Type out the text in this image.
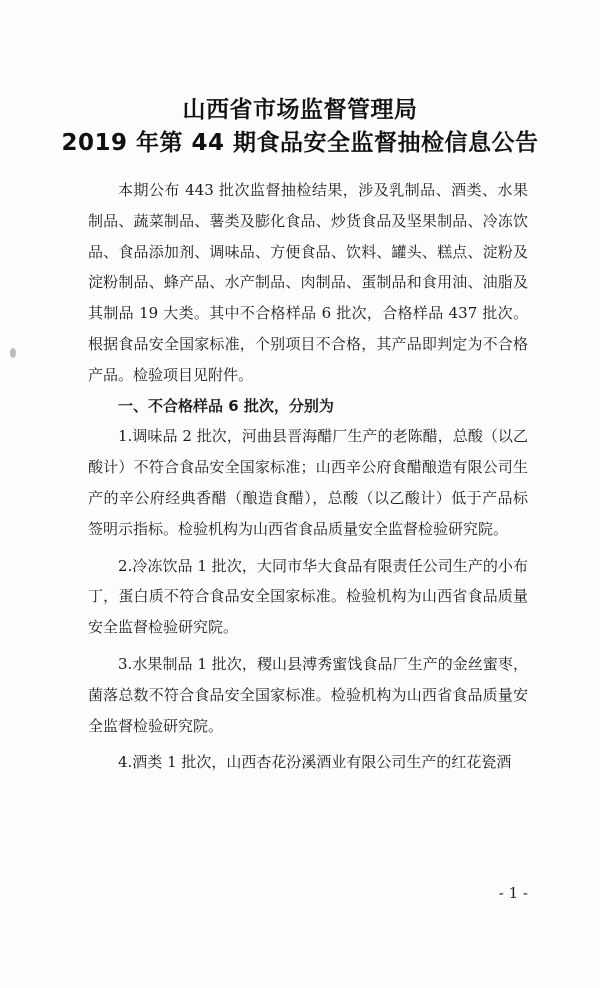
山西省市场监督管理局
2019 年第 44 期食品安全监督抽检信息公告

本期公布 443 批次监督抽检结果，涉及乳制品、酒类、水果制品、蔬菜制品、薯类及膨化食品、炒货食品及坚果制品、冷冻饮品、食品添加剂、调味品、方便食品、饮料、罐头、糕点、淀粉及淀粉制品、蜂产品、水产制品、肉制品、蛋制品和食用油、油脂及其制品 19 大类。其中不合格样品 6 批次，合格样品 437 批次。根据食品安全国家标准，个别项目不合格，其产品即判定为不合格产品。检验项目见附件。

一、不合格样品 6 批次，分别为

1.调味品 2 批次，河曲县晋海醋厂生产的老陈醋，总酸（以乙酸计）不符合食品安全国家标准；山西辛公府食醋酿造有限公司生产的辛公府经典香醋（酿造食醋），总酸（以乙酸计）低于产品标签明示指标。检验机构为山西省食品质量安全监督检验研究院。

2.冷冻饮品 1 批次，大同市华大食品有限责任公司生产的小布丁，蛋白质不符合食品安全国家标准。检验机构为山西省食品质量安全监督检验研究院。

3.水果制品 1 批次，稷山县溥秀蜜饯食品厂生产的金丝蜜枣，菌落总数不符合食品安全国家标准。检验机构为山西省食品质量安全监督检验研究院。

4.酒类 1 批次，山西杏花汾溪酒业有限公司生产的红花瓷酒

- 1 -
